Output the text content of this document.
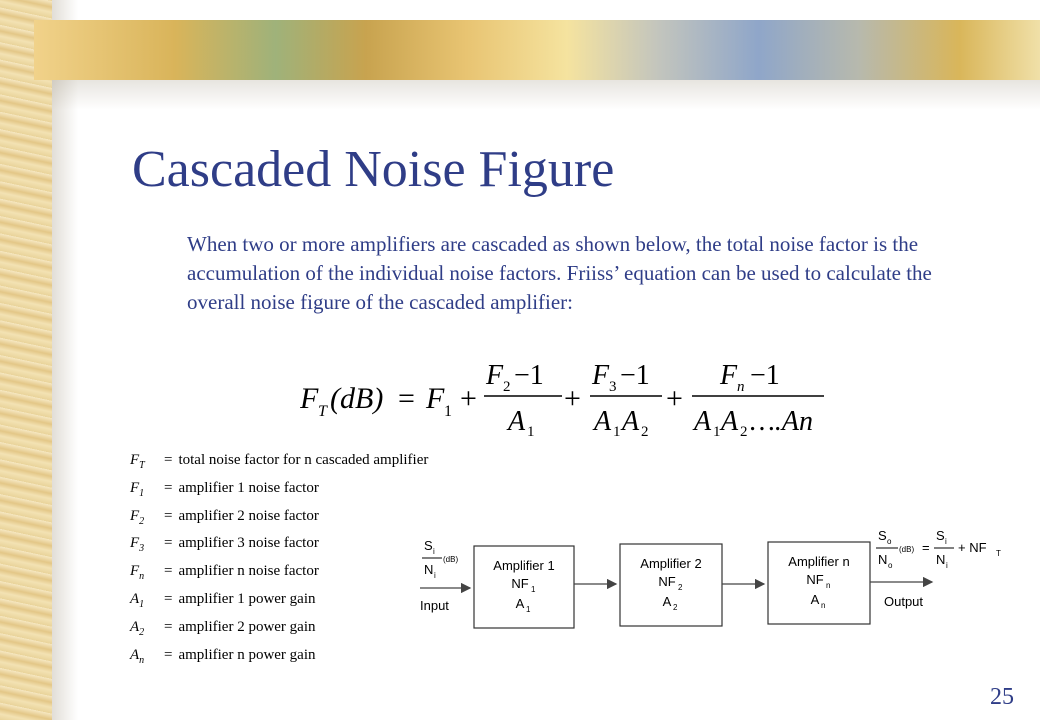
Cascaded Noise Figure
When two or more amplifiers are cascaded as shown below, the total noise factor is the accumulation of the individual noise factors. Friiss’ equation can be used to calculate the overall noise figure of the cascaded amplifier:
F T (dB) = F 1 +
F 2 −1
A 1
+
F 3 −1
A 1 A 2
+
F n −1
A 1 A 2 ….An
$F_T$ = total noise factor for n cascaded amplifier
$F_1$ = amplifier 1 noise factor
$F_2$ = amplifier 2 noise factor
$F_3$ = amplifier 3 noise factor
$F_n$ = amplifier n noise factor
$A_1$ = amplifier 1 power gain
$A_2$ = amplifier 2 power gain
$A_n$ = amplifier n power gain
S i
N i
(dB)
Input
Amplifier 1
NF 1
A 1
Amplifier 2
NF 2
A 2
Amplifier n
NF n
A n	Output
S o
N o
(dB) =
S i
N i
+ NF T
25
